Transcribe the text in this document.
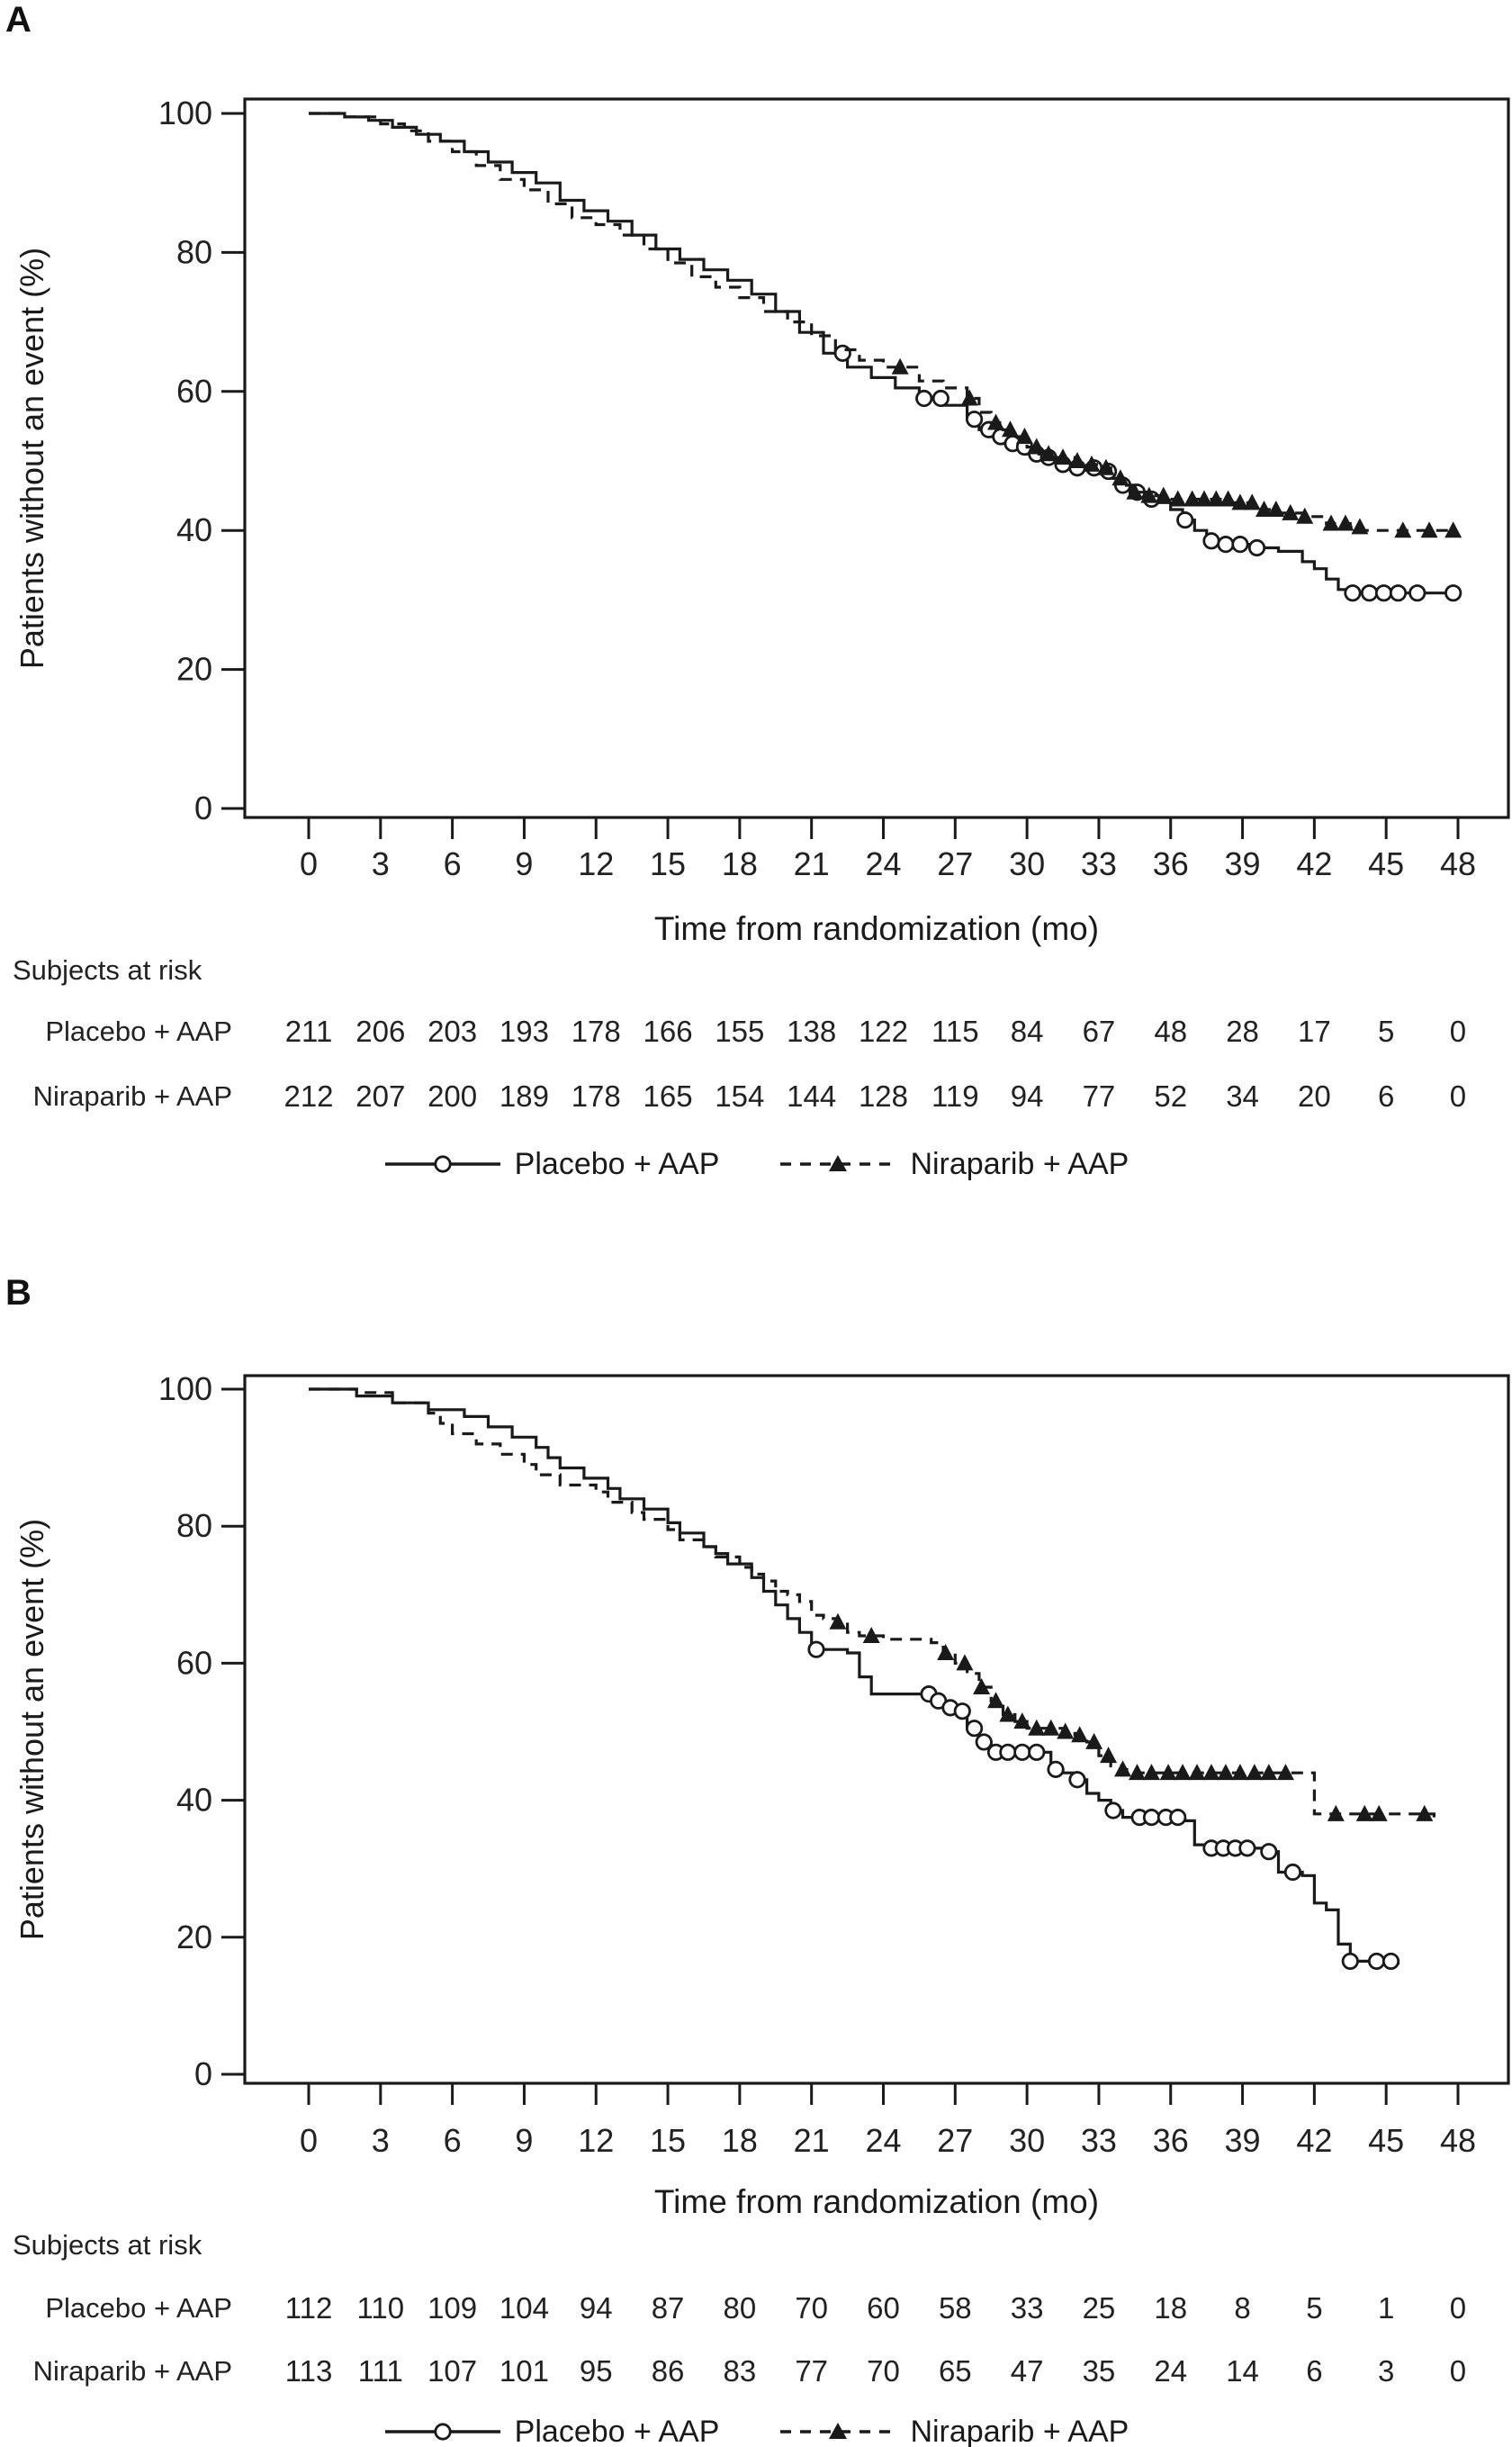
A
Patients without an event (%)
100
80
60
40
20
0
0 3 6 9 12 15 18 21 24 27 30 33 36 39 42 45 48
211 206 203 193 178 166 155 138 122 115 84 67 48 28 17 5 0
212 207 200 189 178 165 154 144 128 119 94 77 52 34 20 6 0
Time from randomization (mo)
Subjects at risk
Placebo + AAP
Niraparib + AAP
Placebo + AAP	Niraparib + AAP
B
Patients without an event (%)
100
80
60
40
20
0
0 3 6 9 12 15 18 21 24 27 30 33 36 39 42 45 48
112 110 109 104 94 87 80 70 60 58 33 25 18 8 5 1 0
113 111 107 101 95 86 83 77 70 65 47 35 24 14 6 3 0
Time from randomization (mo)
Subjects at risk
Placebo + AAP
Niraparib + AAP
Placebo + AAP	Niraparib + AAP
